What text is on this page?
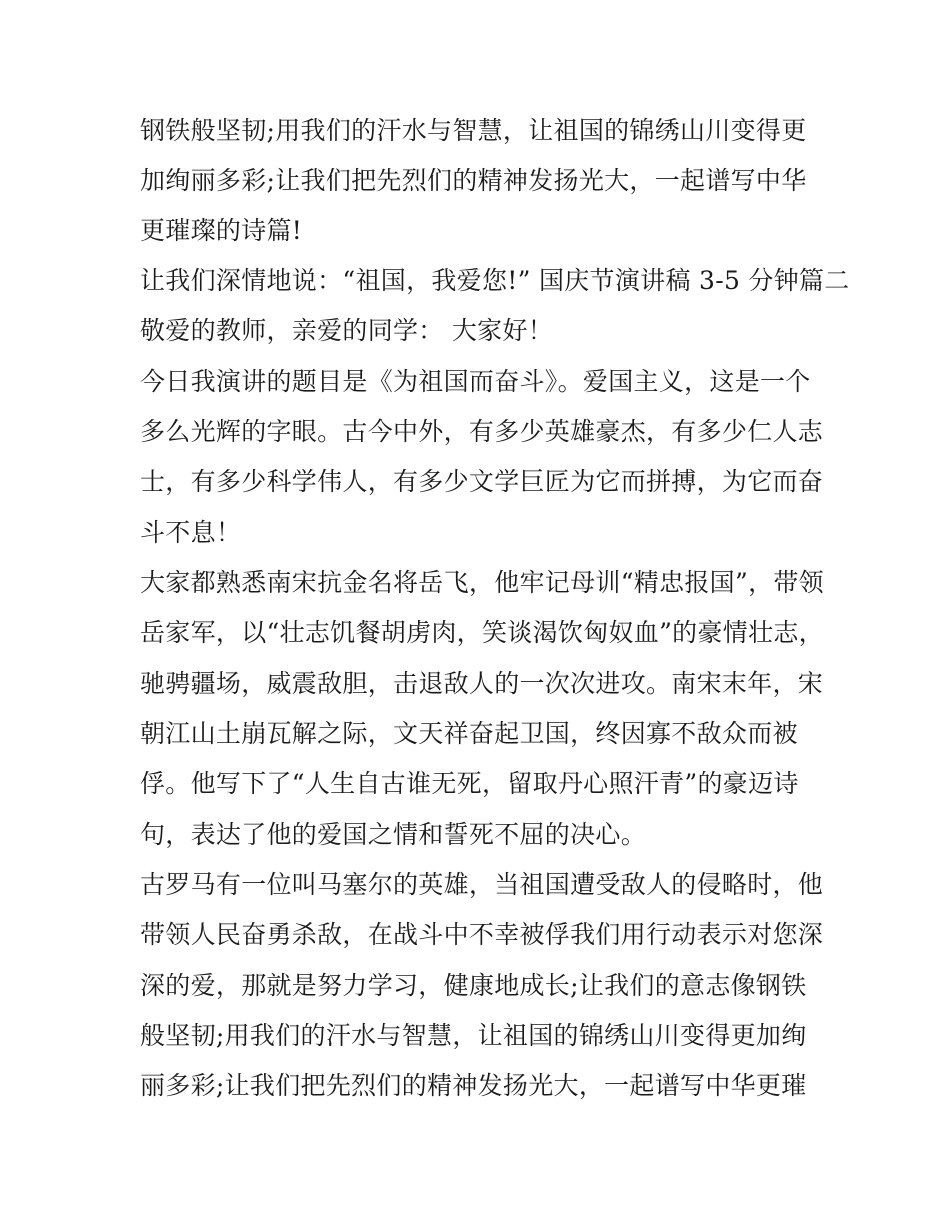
钢铁般坚韧;用我们的汗水与智慧，让祖国的锦绣山川变得更
加绚丽多彩;让我们把先烈们的精神发扬光大，一起谱写中华
更璀璨的诗篇!
让我们深情地说：“祖国，我爱您!” 国庆节演讲稿 3-5 分钟篇二
敬爱的教师，亲爱的同学： 大家好！
今日我演讲的题目是《为祖国而奋斗》。爱国主义，这是一个
多么光辉的字眼。古今中外，有多少英雄豪杰，有多少仁人志
士，有多少科学伟人，有多少文学巨匠为它而拼搏，为它而奋
斗不息！
大家都熟悉南宋抗金名将岳飞，他牢记母训“精忠报国”，带领
岳家军，以“壮志饥餐胡虏肉，笑谈渴饮匈奴血”的豪情壮志，
驰骋疆场，威震敌胆，击退敌人的一次次进攻。南宋末年，宋
朝江山土崩瓦解之际，文天祥奋起卫国，终因寡不敌众而被
俘。他写下了“人生自古谁无死，留取丹心照汗青”的豪迈诗
句，表达了他的爱国之情和誓死不屈的决心。
古罗马有一位叫马塞尔的英雄，当祖国遭受敌人的侵略时，他
带领人民奋勇杀敌，在战斗中不幸被俘我们用行动表示对您深
深的爱，那就是努力学习，健康地成长;让我们的意志像钢铁
般坚韧;用我们的汗水与智慧，让祖国的锦绣山川变得更加绚
丽多彩;让我们把先烈们的精神发扬光大，一起谱写中华更璀
